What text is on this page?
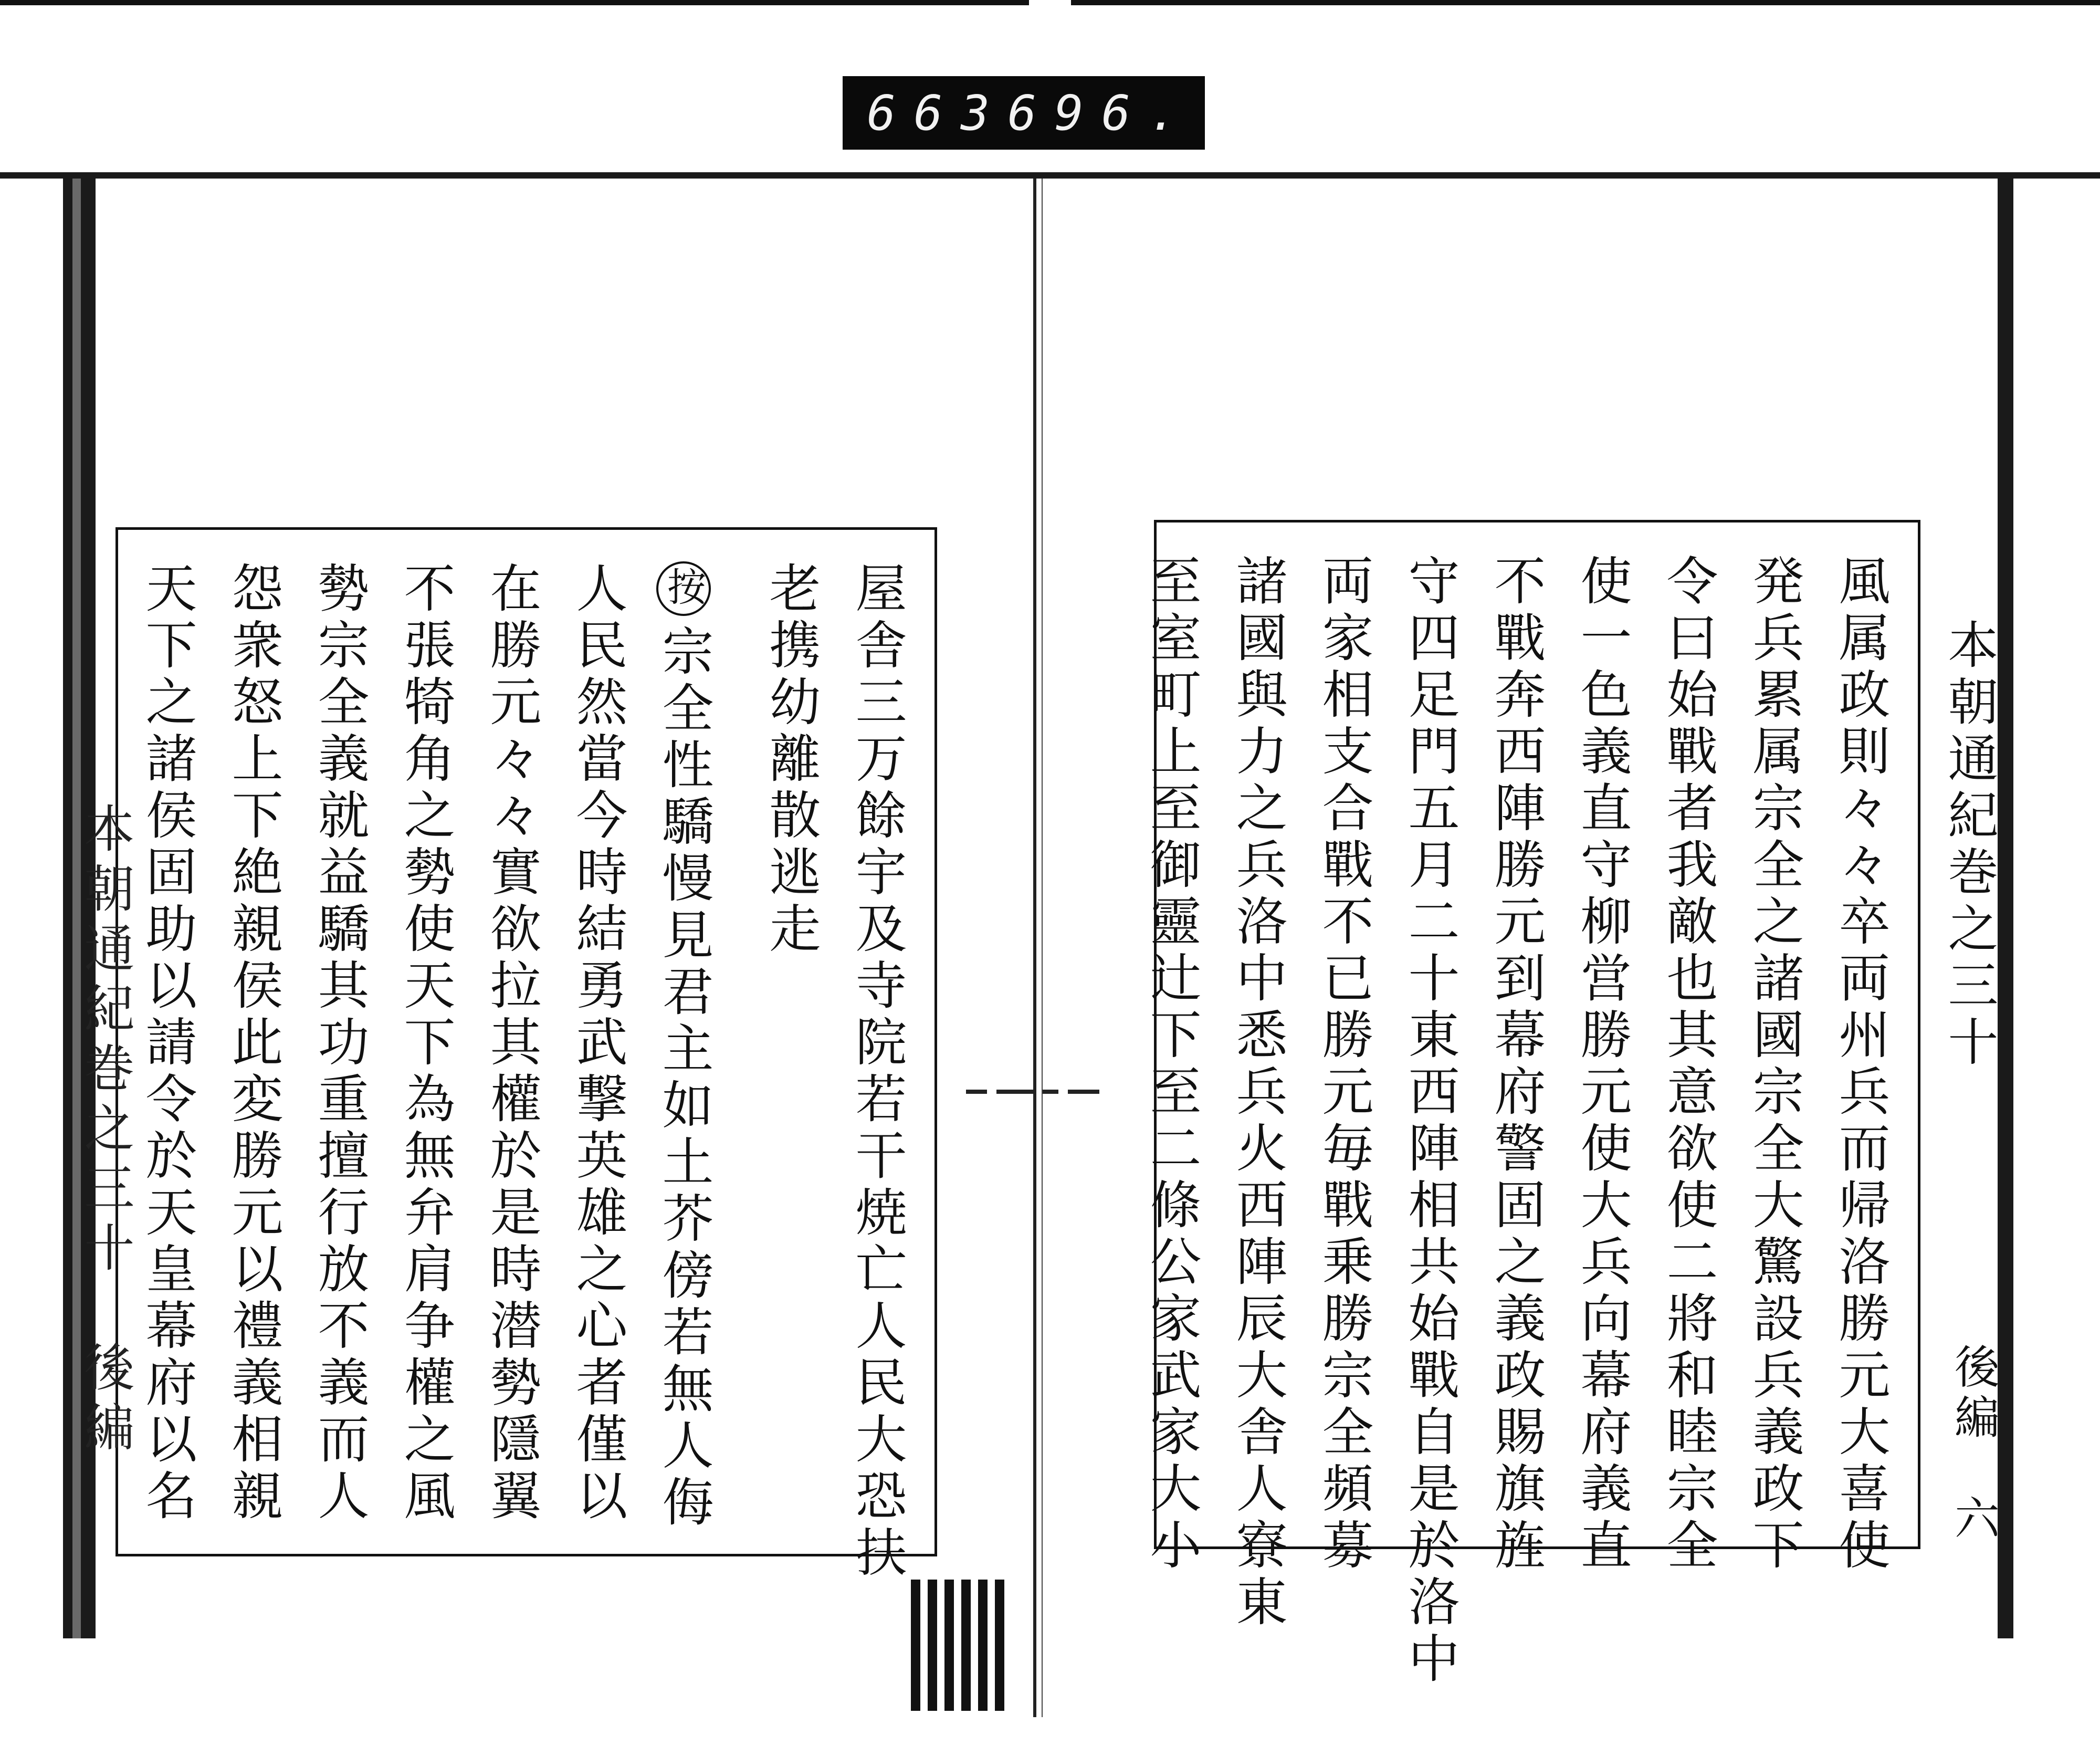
663 696.
屋舎三万餘宇及寺院若干焼亡人民大恐扶
老携幼離散逃走
按宗全性驕慢見君主如土芥傍若無人侮
人民然當今時結勇武撃英雄之心者僅以
在勝元々々實欲拉其權於是時潜勢隱翼
不張犄角之勢使天下為無弁肩争權之風
勢宗全義就益驕其功重擅行放不義而人
怨衆怒上下絶親侯此変勝元以禮義相親
天下之諸侯固助以請令於天皇幕府以名	風属政則々々卒両州兵而帰洛勝元大喜使
発兵累属宗全之諸國宗全大驚設兵義政下
令曰始戰者我敵也其意欲使二將和睦宗全
使一色義直守柳営勝元使大兵向幕府義直
不戰奔西陣勝元到幕府警固之義政賜旗旌
守四足門五月二十東西陣相共始戰自是於洛中
両家相支合戰不已勝元毎戰乗勝宗全頻募
諸國與力之兵洛中悉兵火西陣辰大舎人寮東
至室町上至御靈辻下至二條公家武家大小
本朝通紀巻之三十　後編	本朝通紀巻之三十
後編　六
